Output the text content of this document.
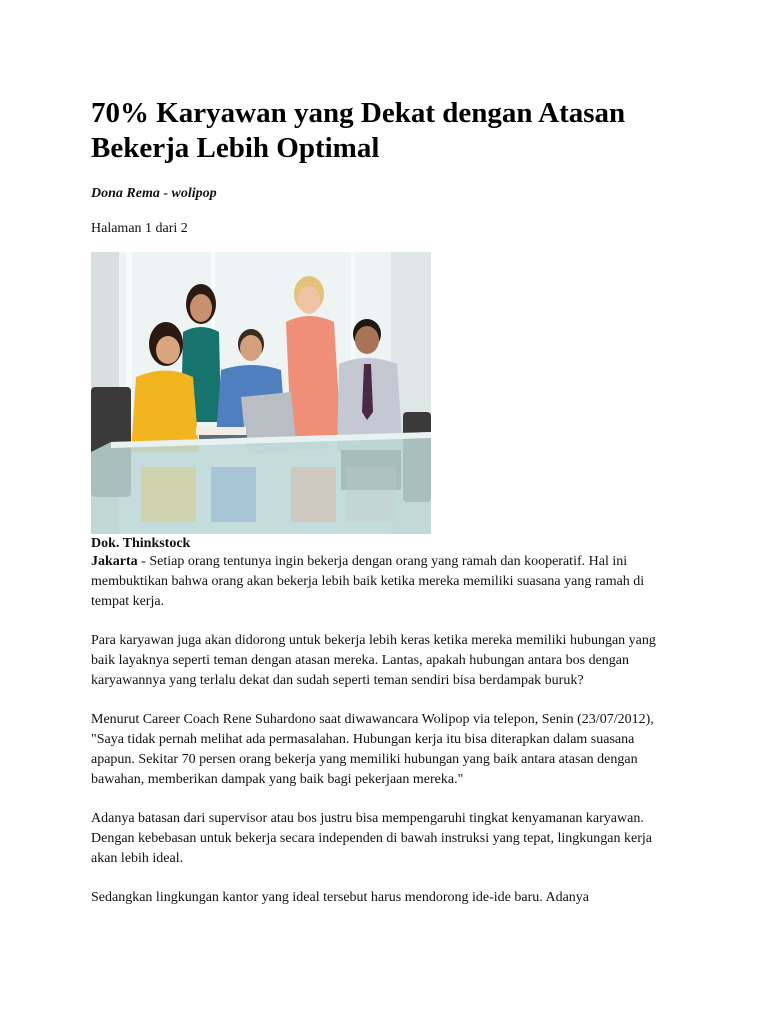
70% Karyawan yang Dekat dengan Atasan
Bekerja Lebih Optimal
Dona Rema - wolipop
Halaman 1 dari 2
Dok. Thinkstock

Jakarta - Setiap orang tentunya ingin bekerja dengan orang yang ramah dan kooperatif. Hal ini membuktikan bahwa orang akan bekerja lebih baik ketika mereka memiliki suasana yang ramah di tempat kerja.

Para karyawan juga akan didorong untuk bekerja lebih keras ketika mereka memiliki hubungan yang baik layaknya seperti teman dengan atasan mereka. Lantas, apakah hubungan antara bos dengan karyawannya yang terlalu dekat dan sudah seperti teman sendiri bisa berdampak buruk?

Menurut Career Coach Rene Suhardono saat diwawancara Wolipop via telepon, Senin (23/07/2012), "Saya tidak pernah melihat ada permasalahan. Hubungan kerja itu bisa diterapkan dalam suasana apapun. Sekitar 70 persen orang bekerja yang memiliki hubungan yang baik antara atasan dengan bawahan, memberikan dampak yang baik bagi pekerjaan mereka."

Adanya batasan dari supervisor atau bos justru bisa mempengaruhi tingkat kenyamanan karyawan. Dengan kebebasan untuk bekerja secara independen di bawah instruksi yang tepat, lingkungan kerja akan lebih ideal.

Sedangkan lingkungan kantor yang ideal tersebut harus mendorong ide-ide baru. Adanya
